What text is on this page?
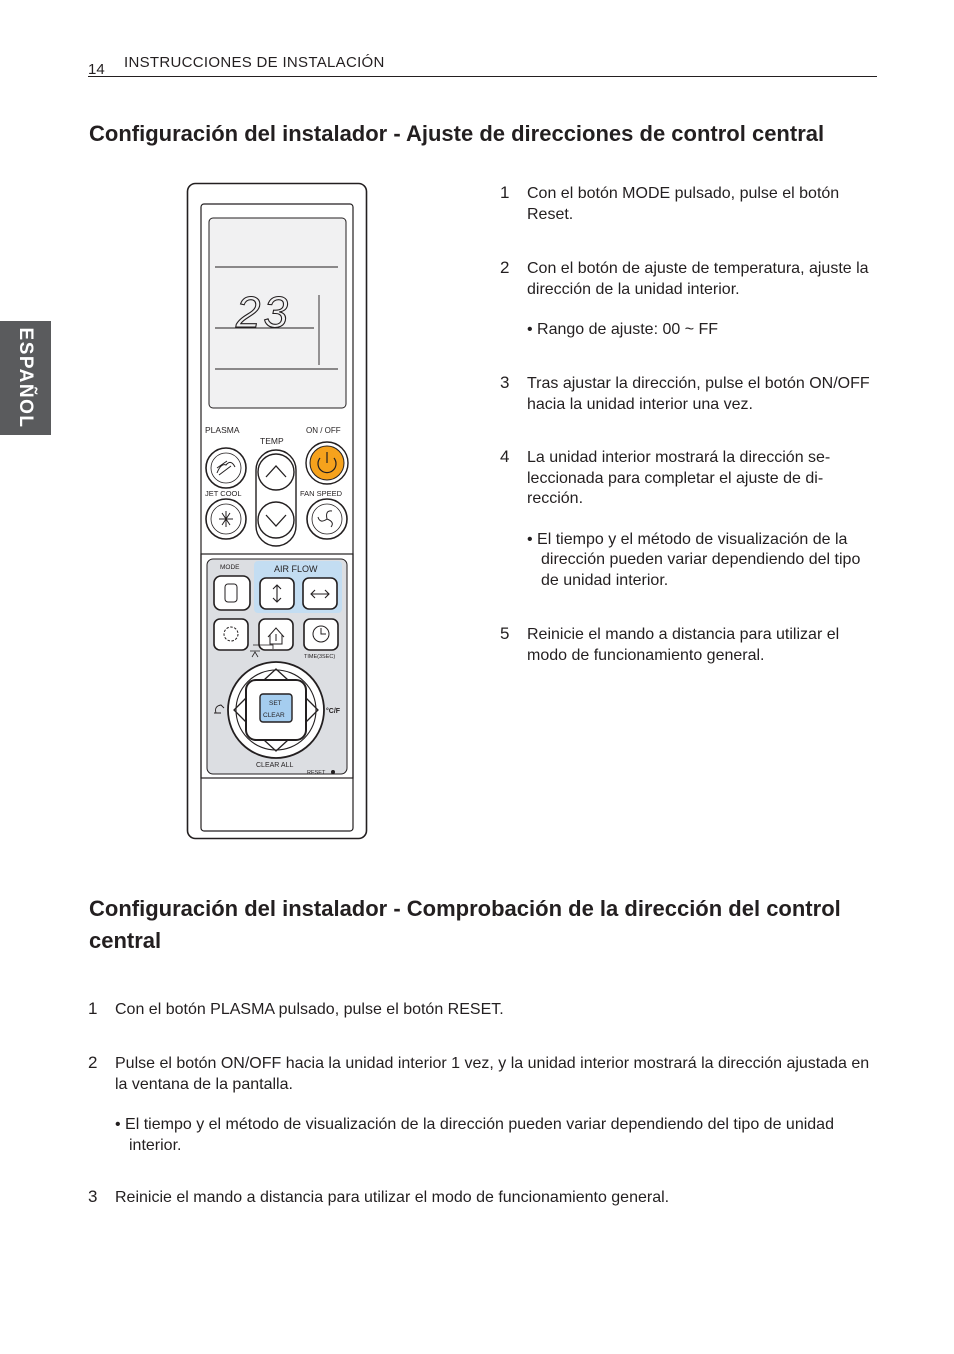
14 INSTRUCCIONES DE INSTALACIÓN
ESPAÑOL
Configuración del instalador - Ajuste de direcciones de control central
23
PLASMA
TEMP
ON / OFF
JET COOL	FAN SPEED
MODE	AIR FLOW
TIME(3SEC)
SET
CLEAR
°C/F
CLEAR ALL
RESET
1 Con el botón MODE pulsado, pulse el botón Reset.
2 Con el botón de ajuste de temperatura, ajuste la dirección de la unidad interior.
• Rango de ajuste: 00 ~ FF
3 Tras ajustar la dirección, pulse el botón ON/OFF hacia la unidad interior una vez.
4 La unidad interior mostrará la dirección se-leccionada para completar el ajuste de di-rección.
• El tiempo y el método de visualización de la dirección pueden variar dependiendo del tipo de unidad interior.
5 Reinicie el mando a distancia para utilizar el modo de funcionamiento general.
Configuración del instalador - Comprobación de la dirección del control central
1 Con el botón PLASMA pulsado, pulse el botón RESET.
2 Pulse el botón ON/OFF hacia la unidad interior 1 vez, y la unidad interior mostrará la dirección ajustada en la ventana de la pantalla.
• El tiempo y el método de visualización de la dirección pueden variar dependiendo del tipo de unidad interior.
3 Reinicie el mando a distancia para utilizar el modo de funcionamiento general.
